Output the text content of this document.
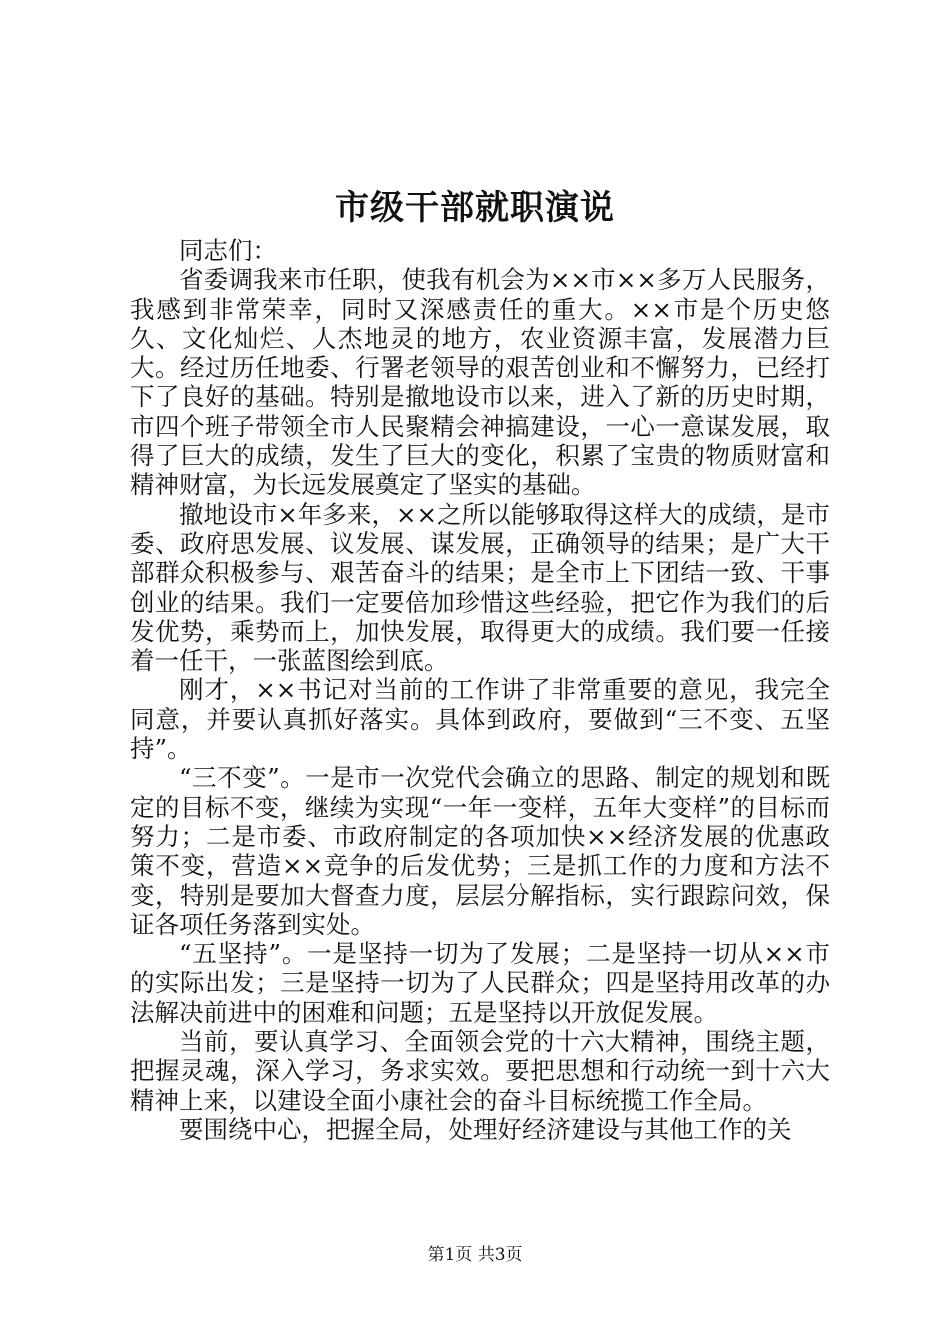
市级干部就职演说

同志们：

省委调我来市任职，使我有机会为××市××多万人民服务，我感到非常荣幸，同时又深感责任的重大。××市是个历史悠久、文化灿烂、人杰地灵的地方，农业资源丰富，发展潜力巨大。经过历任地委、行署老领导的艰苦创业和不懈努力，已经打下了良好的基础。特别是撤地设市以来，进入了新的历史时期，市四个班子带领全市人民聚精会神搞建设，一心一意谋发展，取得了巨大的成绩，发生了巨大的变化，积累了宝贵的物质财富和精神财富，为长远发展奠定了坚实的基础。

撤地设市×年多来，××之所以能够取得这样大的成绩，是市委、政府思发展、议发展、谋发展，正确领导的结果；是广大干部群众积极参与、艰苦奋斗的结果；是全市上下团结一致、干事创业的结果。我们一定要倍加珍惜这些经验，把它作为我们的后发优势，乘势而上，加快发展，取得更大的成绩。我们要一任接着一任干，一张蓝图绘到底。

刚才，××书记对当前的工作讲了非常重要的意见，我完全同意，并要认真抓好落实。具体到政府，要做到“三不变、五坚持”。

“三不变”。一是市一次党代会确立的思路、制定的规划和既定的目标不变，继续为实现“一年一变样，五年大变样”的目标而努力；二是市委、市政府制定的各项加快××经济发展的优惠政策不变，营造××竞争的后发优势；三是抓工作的力度和方法不变，特别是要加大督查力度，层层分解指标，实行跟踪问效，保证各项任务落到实处。

“五坚持”。一是坚持一切为了发展；二是坚持一切从××市的实际出发；三是坚持一切为了人民群众；四是坚持用改革的办法解决前进中的困难和问题；五是坚持以开放促发展。

当前，要认真学习、全面领会党的十六大精神，围绕主题，把握灵魂，深入学习，务求实效。要把思想和行动统一到十六大精神上来，以建设全面小康社会的奋斗目标统揽工作全局。

要围绕中心，把握全局，处理好经济建设与其他工作的关

第1页 共3页
